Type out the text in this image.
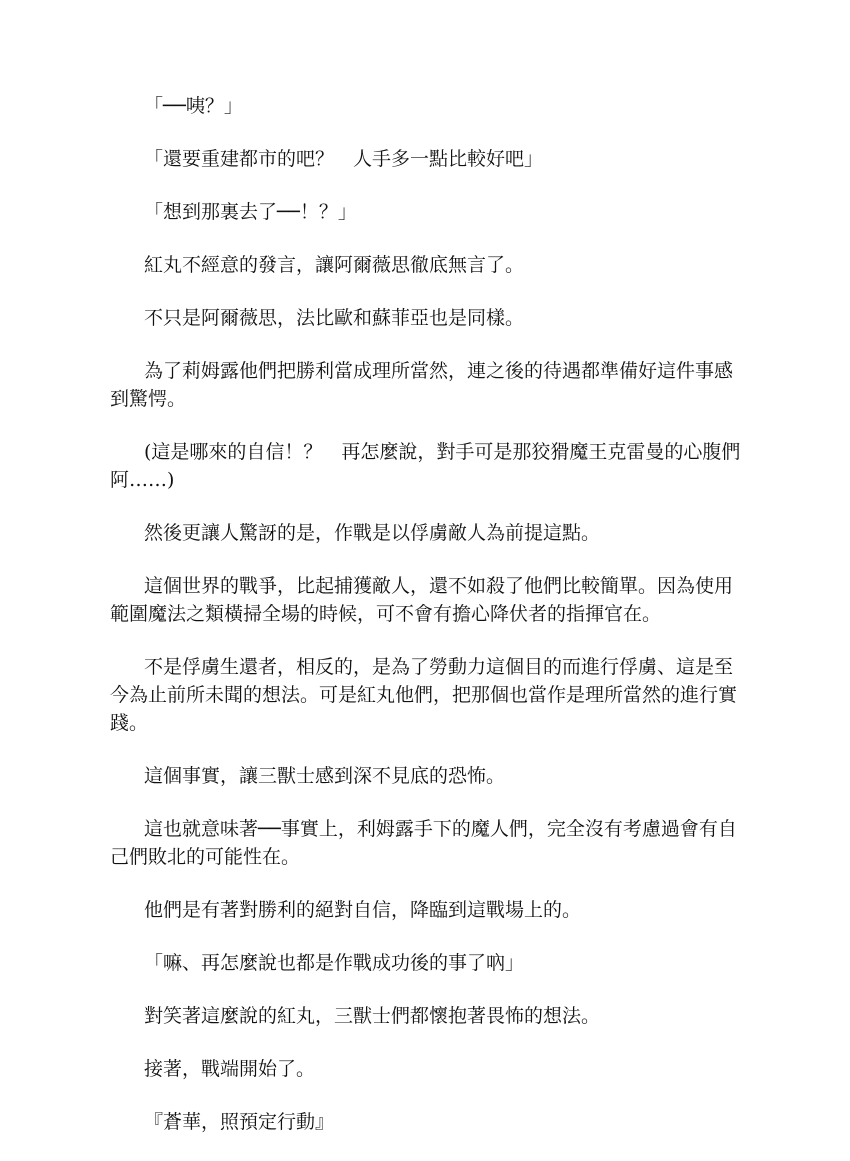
「──咦？」

「還要重建都市的吧？　人手多一點比較好吧」

「想到那裏去了──！？」

紅丸不經意的發言，讓阿爾薇思徹底無言了。

不只是阿爾薇思，法比歐和蘇菲亞也是同樣。

為了莉姆露他們把勝利當成理所當然，連之後的待遇都準備好這件事感到驚愕。

(這是哪來的自信！？　再怎麼說，對手可是那狡猾魔王克雷曼的心腹們阿……)

然後更讓人驚訝的是，作戰是以俘虜敵人為前提這點。

這個世界的戰爭，比起捕獲敵人，還不如殺了他們比較簡單。因為使用範圍魔法之類橫掃全場的時候，可不會有擔心降伏者的指揮官在。

不是俘虜生還者，相反的，是為了勞動力這個目的而進行俘虜、這是至今為止前所未聞的想法。可是紅丸他們，把那個也當作是理所當然的進行實踐。

這個事實，讓三獸士感到深不見底的恐怖。

這也就意味著──事實上，利姆露手下的魔人們，完全沒有考慮過會有自己們敗北的可能性在。

他們是有著對勝利的絕對自信，降臨到這戰場上的。

「嘛、再怎麼說也都是作戰成功後的事了吶」

對笑著這麼說的紅丸，三獸士們都懷抱著畏怖的想法。

接著，戰端開始了。

『蒼華，照預定行動』
